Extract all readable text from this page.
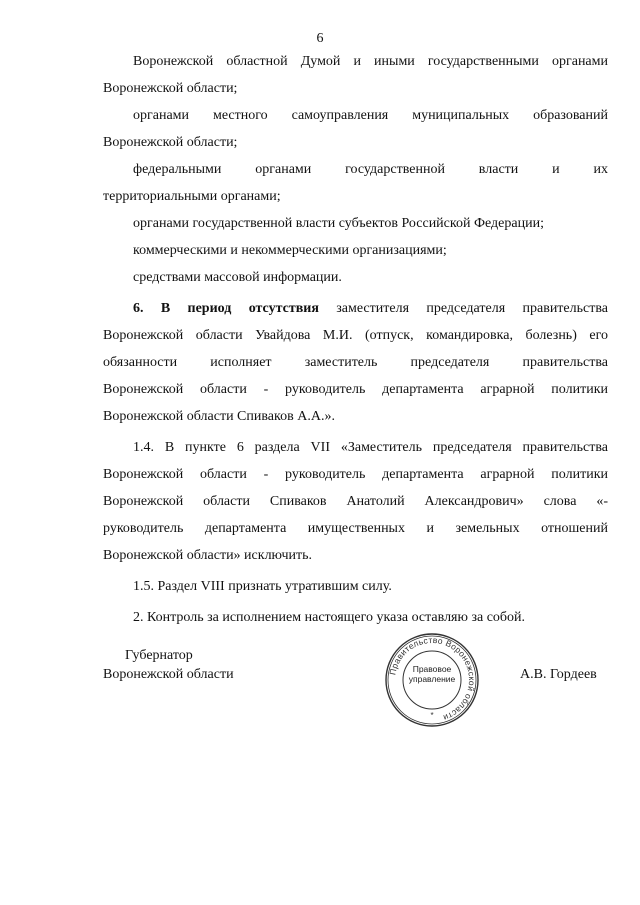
6

Воронежской областной Думой и иными государственными органами

Воронежской области;

органами местного самоуправления муниципальных образований

Воронежской области;

федеральными органами государственной власти и их

территориальными органами;

органами государственной власти субъектов Российской Федерации;

коммерческими и некоммерческими организациями;

средствами массовой информации.

6. В период отсутствия заместителя председателя правительства

Воронежской области Увайдова М.И. (отпуск, командировка, болезнь) его

обязанности исполняет заместитель председателя правительства

Воронежской области - руководитель департамента аграрной политики

Воронежской области Спиваков А.А.».

1.4. В пункте 6 раздела VII «Заместитель председателя правительства

Воронежской области - руководитель департамента аграрной политики

Воронежской области Спиваков Анатолий Александрович» слова «-

руководитель департамента имущественных и земельных отношений

Воронежской области» исключить.

1.5. Раздел VIII признать утратившим силу.

2. Контроль за исполнением настоящего указа оставляю за собой.

Губернатор
Воронежской области	Правительство Воронежской области
*
Правовое
управление	А.В. Гордеев
